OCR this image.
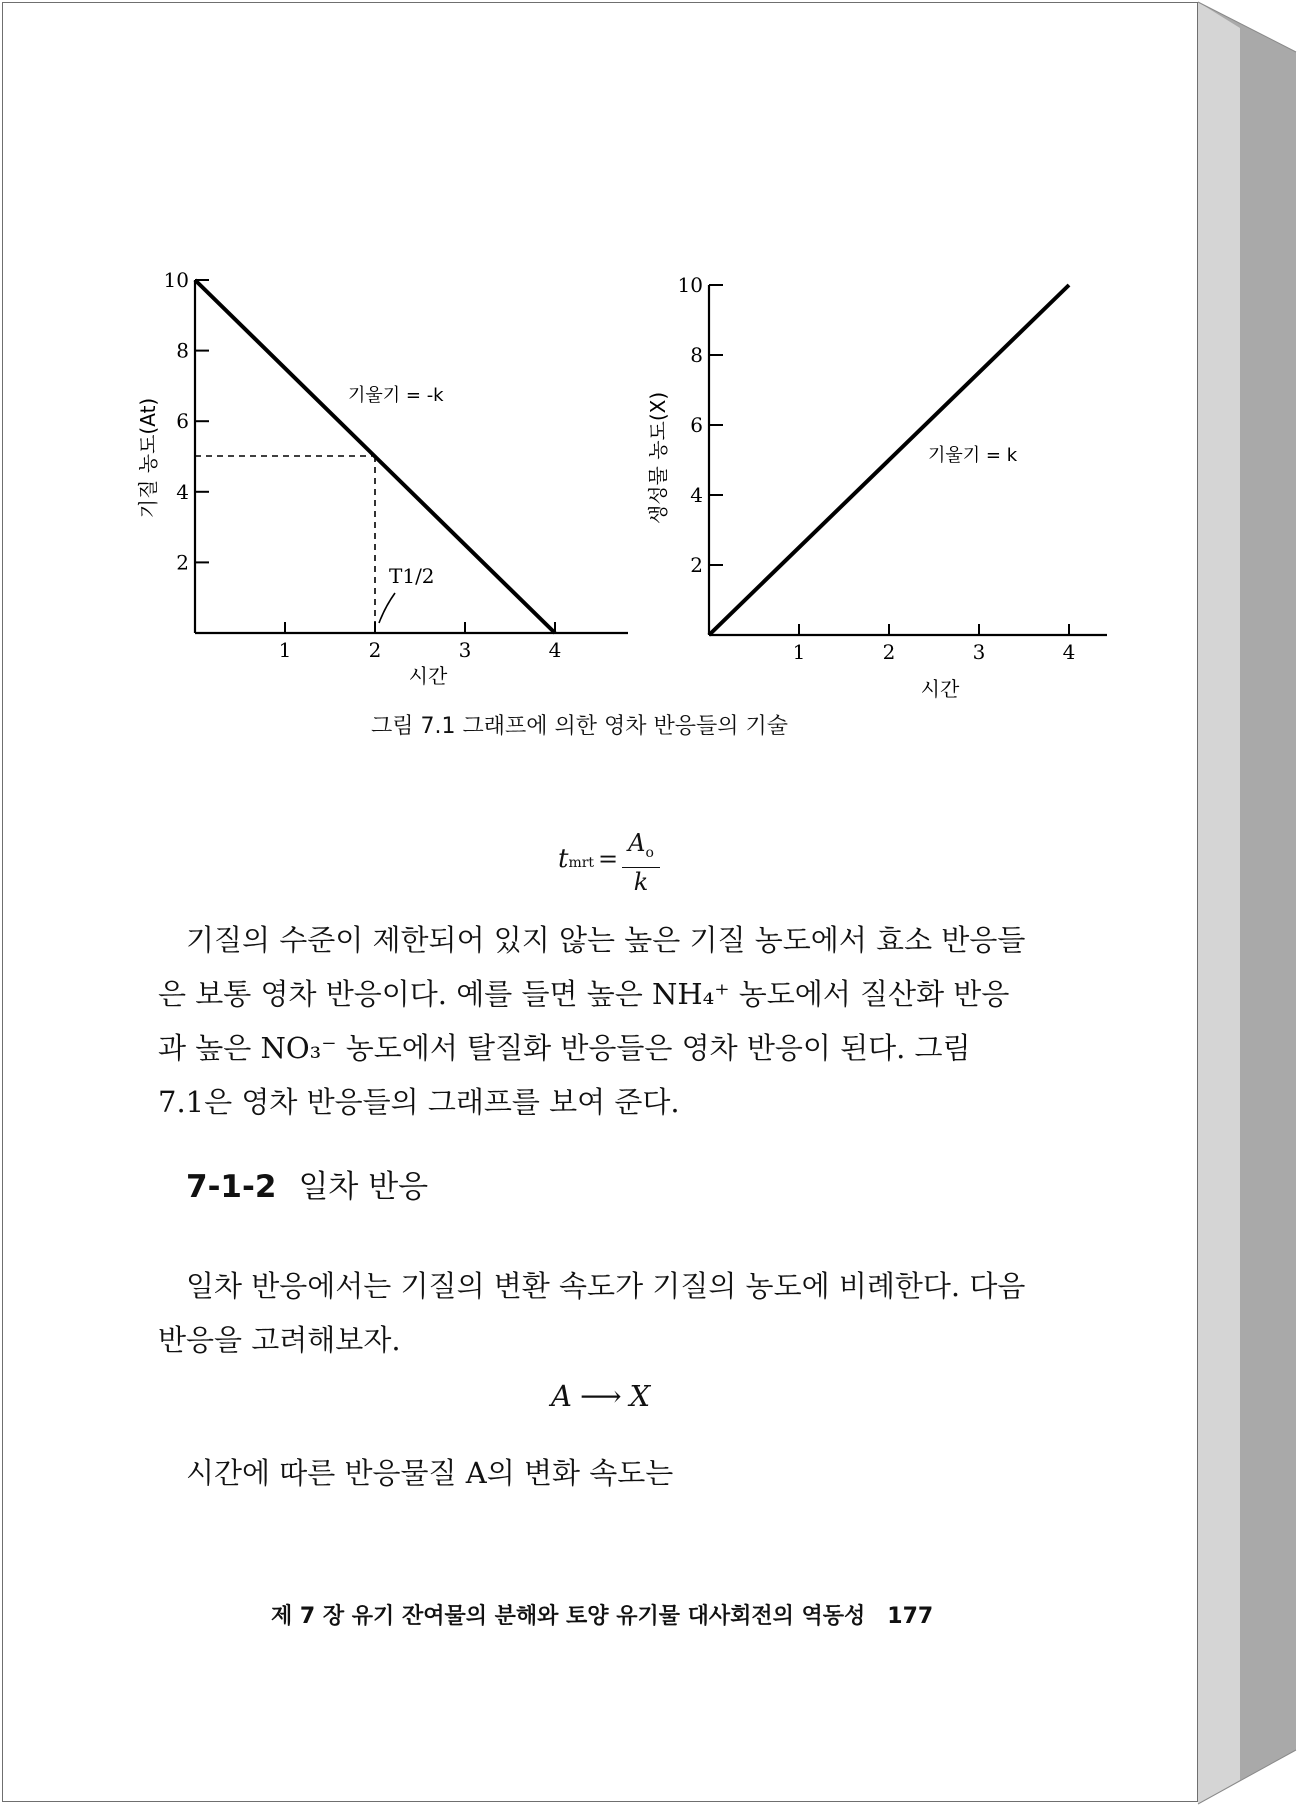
1	2	3	4
2
4
6
8
10
기울기 = -k
T1/2
시간
기질 농도(At)
1	2	3	4
2
4
6
8
10
기울기 = k
시간
생성물 농도(X)
그림 7.1 그래프에 의한 영차 반응들의 기술
tmrt = $\frac{A_o}{k}$

기질의 수준이 제한되어 있지 않는 높은 기질 농도에서 효소 반응들
은 보통 영차 반응이다. 예를 들면 높은 NH₄⁺ 농도에서 질산화 반응
과 높은 NO₃⁻ 농도에서 탈질화 반응들은 영차 반응이 된다. 그림
7.1은 영차 반응들의 그래프를 보여 준다.

7-1-2 일차 반응

일차 반응에서는 기질의 변환 속도가 기질의 농도에 비례한다. 다음
반응을 고려해보자.

A ⟶ X

시간에 따른 반응물질 A의 변화 속도는

제 7 장 유기 잔여물의 분해와 토양 유기물 대사회전의 역동성 177
